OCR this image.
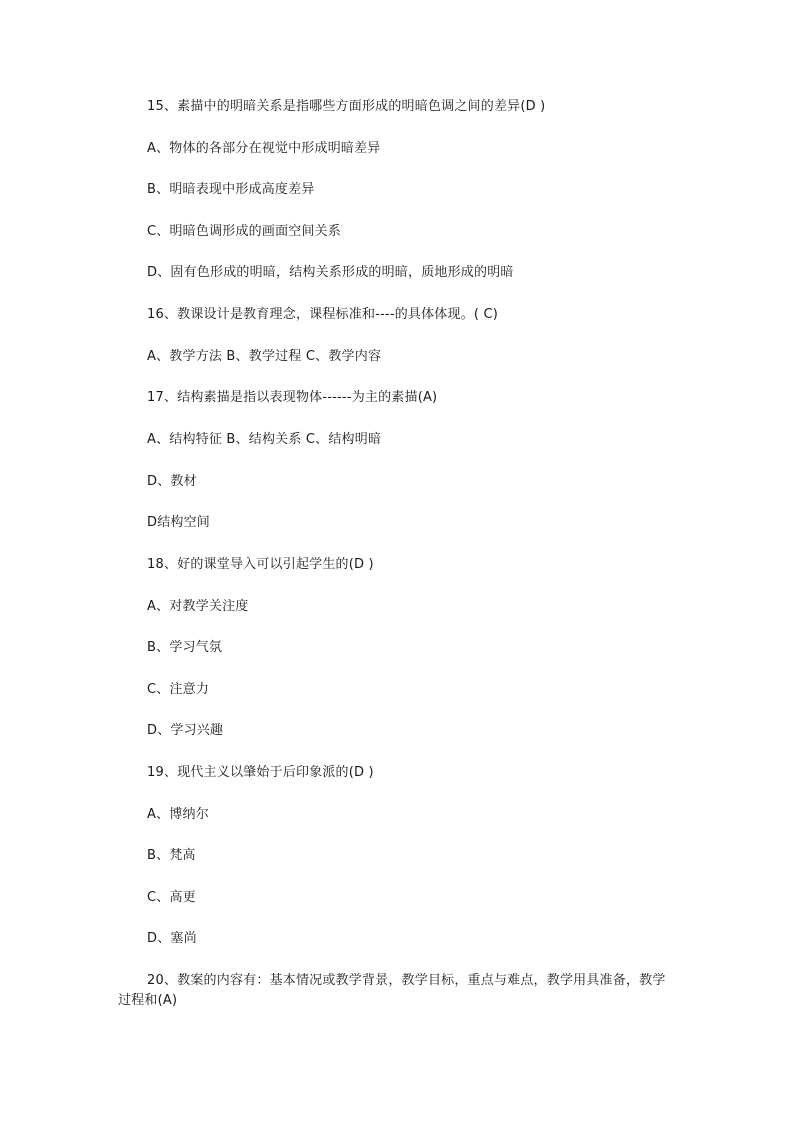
15、素描中的明暗关系是指哪些方面形成的明暗色调之间的差异(D )
A、物体的各部分在视觉中形成明暗差异
B、明暗表现中形成高度差异
C、明暗色调形成的画面空间关系
D、固有色形成的明暗，结构关系形成的明暗，质地形成的明暗
16、教课设计是教育理念，课程标准和----的具体体现。( C)
A、教学方法 B、教学过程 C、教学内容
17、结构素描是指以表现物体------为主的素描(A)
A、结构特征 B、结构关系 C、结构明暗
D、教材
D结构空间
18、好的课堂导入可以引起学生的(D )
A、对教学关注度
B、学习气氛
C、注意力
D、学习兴趣
19、现代主义以肇始于后印象派的(D )
A、博纳尔
B、梵高
C、高更
D、塞尚
20、教案的内容有：基本情况或教学背景，教学目标，重点与难点，教学用具准备，教学过程和(A)
